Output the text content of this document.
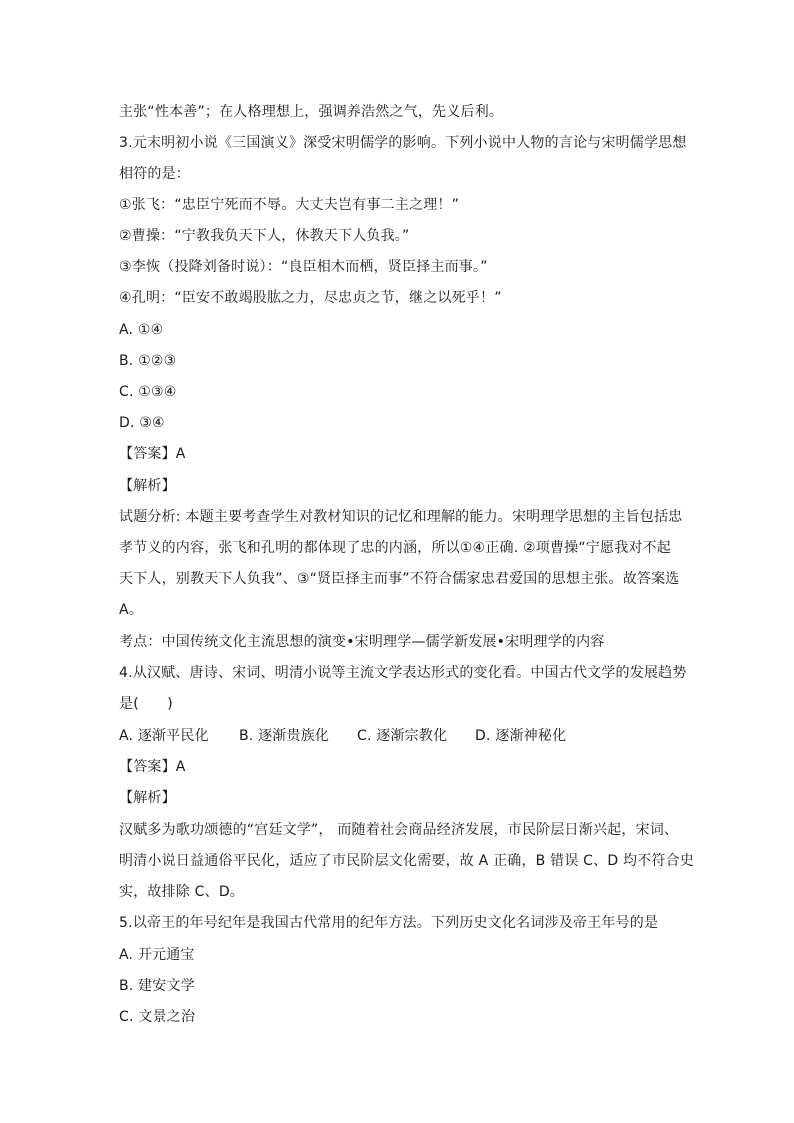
主张“性本善”；在人格理想上，强调养浩然之气，先义后利。
3.元末明初小说《三国演义》深受宋明儒学的影响。下列小说中人物的言论与宋明儒学思想
相符的是：
①张飞：“忠臣宁死而不辱。大丈夫岂有事二主之理！”
②曹操：“宁教我负天下人，休教天下人负我。”
③李恢（投降刘备时说）：“良臣相木而栖，贤臣择主而事。”
④孔明：“臣安不敢竭股肱之力，尽忠贞之节，继之以死乎！”
A. ①④
B. ①②③
C. ①③④
D. ③④
【答案】A
【解析】
试题分析: 本题主要考查学生对教材知识的记忆和理解的能力。宋明理学思想的主旨包括忠
孝节义的内容，张飞和孔明的都体现了忠的内涵，所以①④正确. ②项曹操“宁愿我对不起
天下人，别教天下人负我”、③“贤臣择主而事”不符合儒家忠君爱国的思想主张。故答案选
A。
考点：中国传统文化主流思想的演变•宋明理学—儒学新发展•宋明理学的内容
4.从汉赋、唐诗、宋词、明清小说等主流文学表达形式的变化看。中国古代文学的发展趋势
是(　　)
A. 逐渐平民化	B. 逐渐贵族化	C. 逐渐宗教化	D. 逐渐神秘化
【答案】A
【解析】
汉赋多为歌功颂德的“宫廷文学”， 而随着社会商品经济发展，市民阶层日渐兴起，宋词、
明清小说日益通俗平民化，适应了市民阶层文化需要，故 A 正确，B 错误 C、D 均不符合史
实，故排除 C、D。
5.以帝王的年号纪年是我国古代常用的纪年方法。下列历史文化名词涉及帝王年号的是
A. 开元通宝
B. 建安文学
C. 文景之治
